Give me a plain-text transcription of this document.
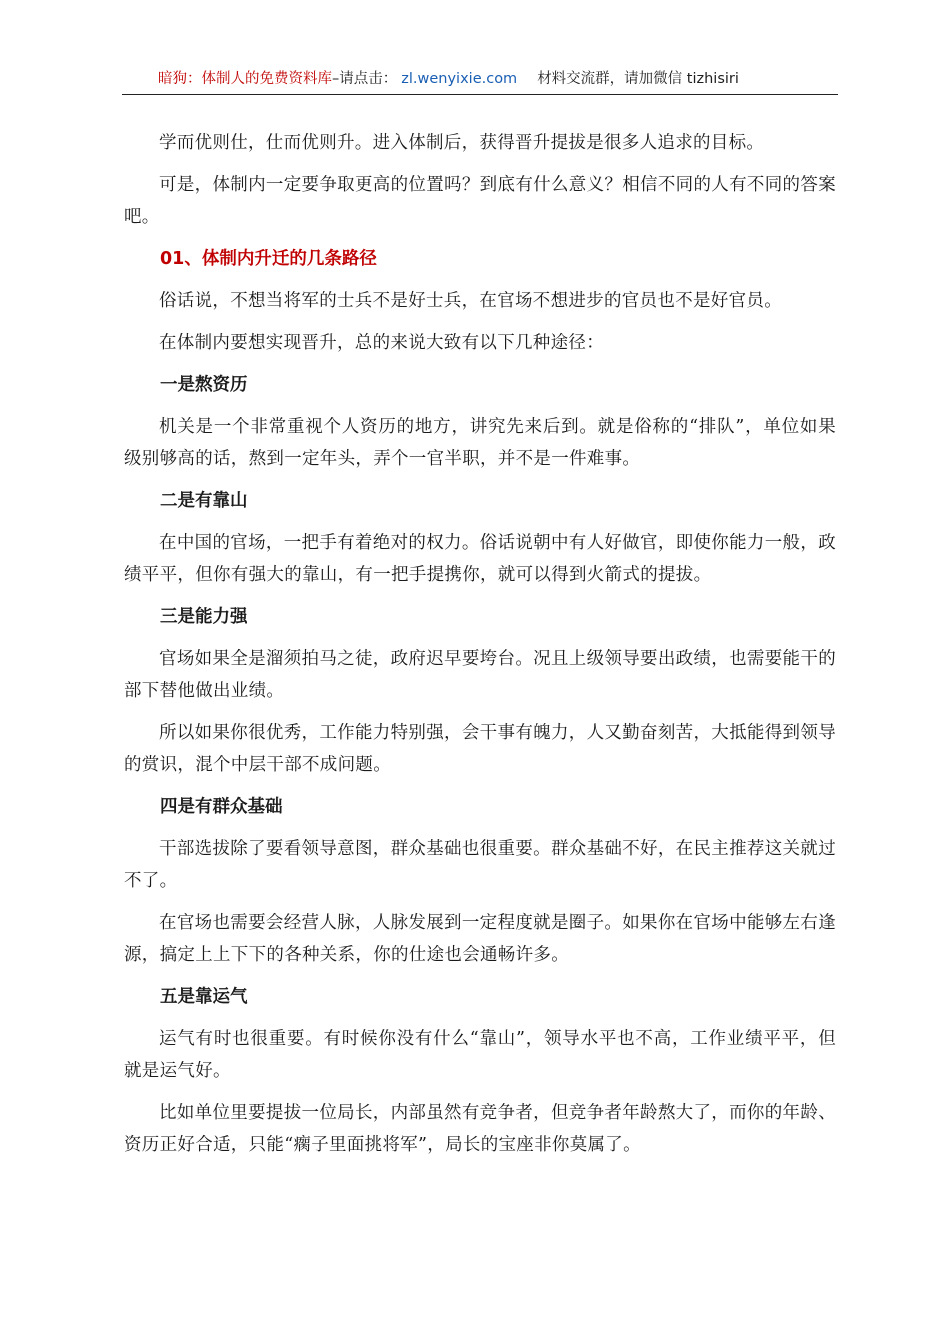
暗狗：体制人的免费资料库–请点击： zl.wenyixie.com 材料交流群，请加微信 tizhisiri

学而优则仕，仕而优则升。进入体制后，获得晋升提拔是很多人追求的目标。

可是，体制内一定要争取更高的位置吗？到底有什么意义？相信不同的人有不同的答案吧。

01、体制内升迁的几条路径

俗话说，不想当将军的士兵不是好士兵，在官场不想进步的官员也不是好官员。

在体制内要想实现晋升，总的来说大致有以下几种途径：

一是熬资历

机关是一个非常重视个人资历的地方，讲究先来后到。就是俗称的“排队”，单位如果级别够高的话，熬到一定年头，弄个一官半职，并不是一件难事。

二是有靠山

在中国的官场，一把手有着绝对的权力。俗话说朝中有人好做官，即使你能力一般，政绩平平，但你有强大的靠山，有一把手提携你，就可以得到火箭式的提拔。

三是能力强

官场如果全是溜须拍马之徒，政府迟早要垮台。况且上级领导要出政绩，也需要能干的部下替他做出业绩。

所以如果你很优秀，工作能力特别强，会干事有魄力，人又勤奋刻苦，大抵能得到领导的赏识，混个中层干部不成问题。

四是有群众基础

干部选拔除了要看领导意图，群众基础也很重要。群众基础不好，在民主推荐这关就过不了。

在官场也需要会经营人脉，人脉发展到一定程度就是圈子。如果你在官场中能够左右逢源，搞定上上下下的各种关系，你的仕途也会通畅许多。

五是靠运气

运气有时也很重要。有时候你没有什么“靠山”，领导水平也不高，工作业绩平平，但就是运气好。

比如单位里要提拔一位局长，内部虽然有竞争者，但竞争者年龄熬大了，而你的年龄、资历正好合适，只能“瘸子里面挑将军”，局长的宝座非你莫属了。
